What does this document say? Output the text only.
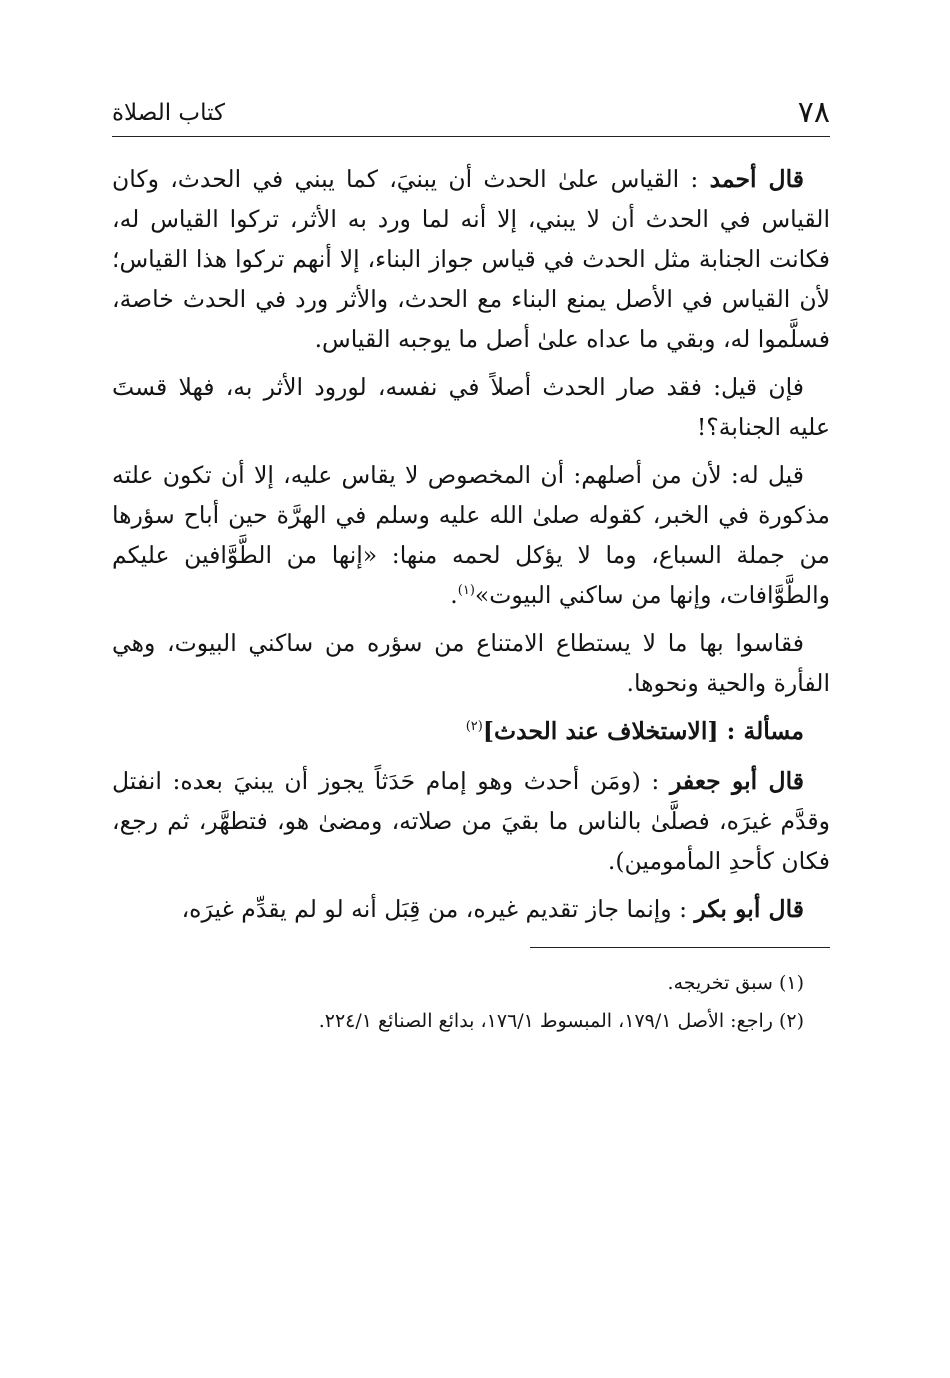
٧٨
كتاب الصلاة

قال أحمد : القياس علىٰ الحدث أن يبنيَ، كما يبني في الحدث، وكان القياس في الحدث أن لا يبني، إلا أنه لما ورد به الأثر، تركوا القياس له، فكانت الجنابة مثل الحدث في قياس جواز البناء، إلا أنهم تركوا هذا القياس؛ لأن القياس في الأصل يمنع البناء مع الحدث، والأثر ورد في الحدث خاصة، فسلَّموا له، وبقي ما عداه علىٰ أصل ما يوجبه القياس.

فإن قيل: فقد صار الحدث أصلاً في نفسه، لورود الأثر به، فهلا قستَ عليه الجنابة؟!

قيل له: لأن من أصلهم: أن المخصوص لا يقاس عليه، إلا أن تكون علته مذكورة في الخبر، كقوله صلىٰ الله عليه وسلم في الهرَّة حين أباح سؤرها من جملة السباع، وما لا يؤكل لحمه منها: «إنها من الطَّوَّافين عليكم والطَّوَّافات، وإنها من ساكني البيوت»$^{(١)}$.

فقاسوا بها ما لا يستطاع الامتناع من سؤره من ساكني البيوت، وهي الفأرة والحية ونحوها.

مسألة : [الاستخلاف عند الحدث]$^{(٢)}$

قال أبو جعفر : (ومَن أحدث وهو إمام حَدَثاً يجوز أن يبنيَ بعده: انفتل وقدَّم غيرَه، فصلَّىٰ بالناس ما بقيَ من صلاته، ومضىٰ هو، فتطهَّر، ثم رجع، فكان كأحدِ المأمومين).

قال أبو بكر : وإنما جاز تقديم غيره، من قِبَل أنه لو لم يقدِّم غيرَه،

(١) سبق تخريجه.
(٢) راجع: الأصل ١٧٩/١، المبسوط ١٧٦/١، بدائع الصنائع ٢٢٤/١.
